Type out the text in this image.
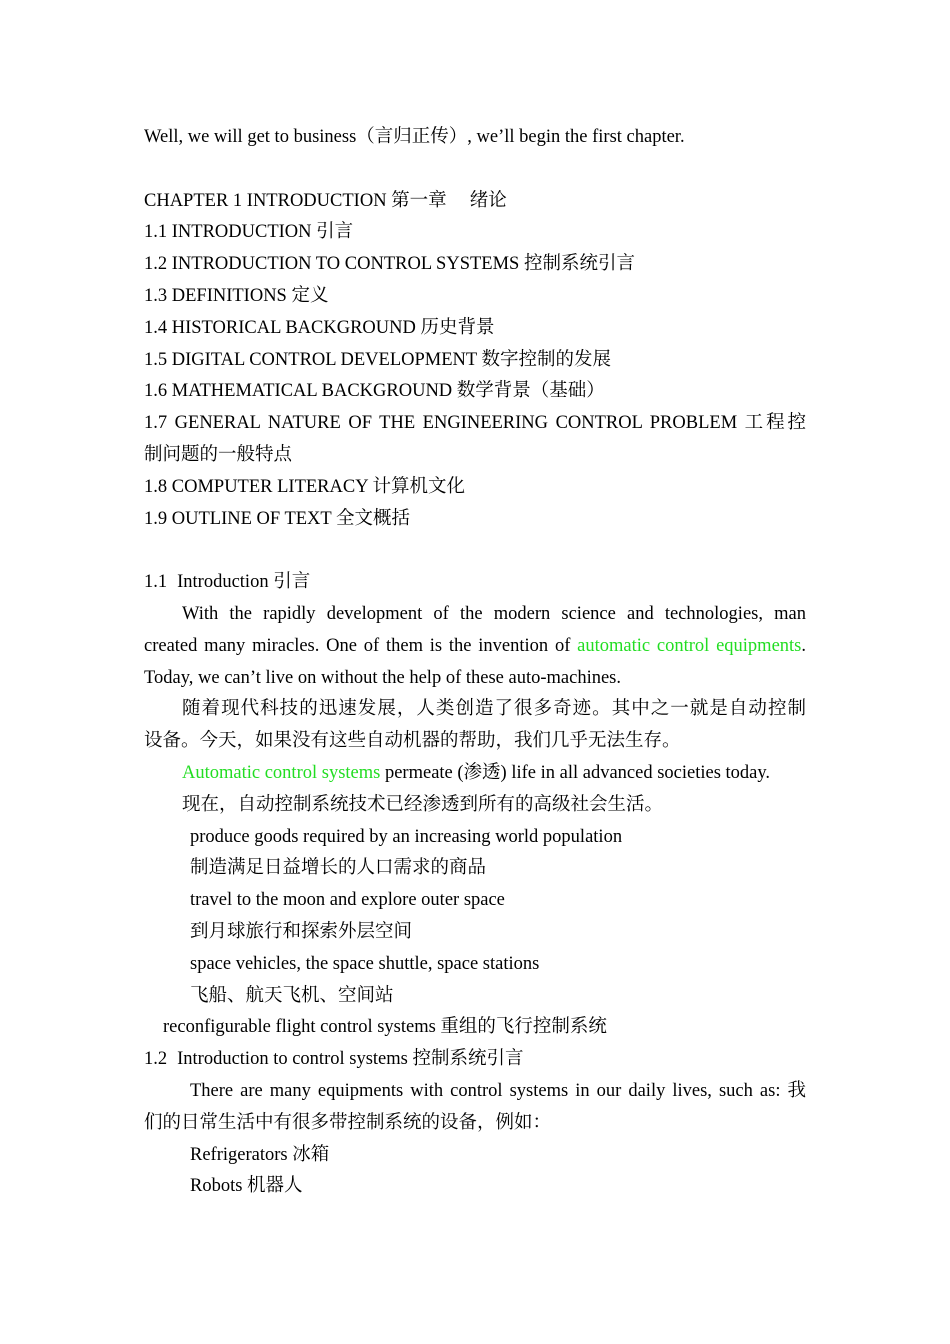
Well, we will get to business（言归正传）, we’ll begin the first chapter.
CHAPTER 1 INTRODUCTION 第一章　 绪论
1.1 INTRODUCTION 引言
1.2 INTRODUCTION TO CONTROL SYSTEMS 控制系统引言
1.3 DEFINITIONS 定义
1.4 HISTORICAL BACKGROUND 历史背景
1.5 DIGITAL CONTROL DEVELOPMENT 数字控制的发展
1.6 MATHEMATICAL BACKGROUND 数学背景（基础）
1.7 GENERAL NATURE OF THE ENGINEERING CONTROL PROBLEM 工程控
制问题的一般特点
1.8 COMPUTER LITERACY 计算机文化
1.9 OUTLINE OF TEXT 全文概括
1.1 Introduction 引言
With the rapidly development of the modern science and technologies, man
created many miracles. One of them is the invention of automatic control equipments.
Today, we can’t live on without the help of these auto-machines.
随着现代科技的迅速发展，人类创造了很多奇迹。其中之一就是自动控制
设备。今天，如果没有这些自动机器的帮助，我们几乎无法生存。
Automatic control systems permeate (渗透) life in all advanced societies today.
现在，自动控制系统技术已经渗透到所有的高级社会生活。
produce goods required by an increasing world population
制造满足日益增长的人口需求的商品
travel to the moon and explore outer space
到月球旅行和探索外层空间
space vehicles, the space shuttle, space stations
飞船、航天飞机、空间站
reconfigurable flight control systems 重组的飞行控制系统
1.2 Introduction to control systems 控制系统引言
There are many equipments with control systems in our daily lives, such as: 我
们的日常生活中有很多带控制系统的设备，例如：
Refrigerators 冰箱
Robots 机器人
